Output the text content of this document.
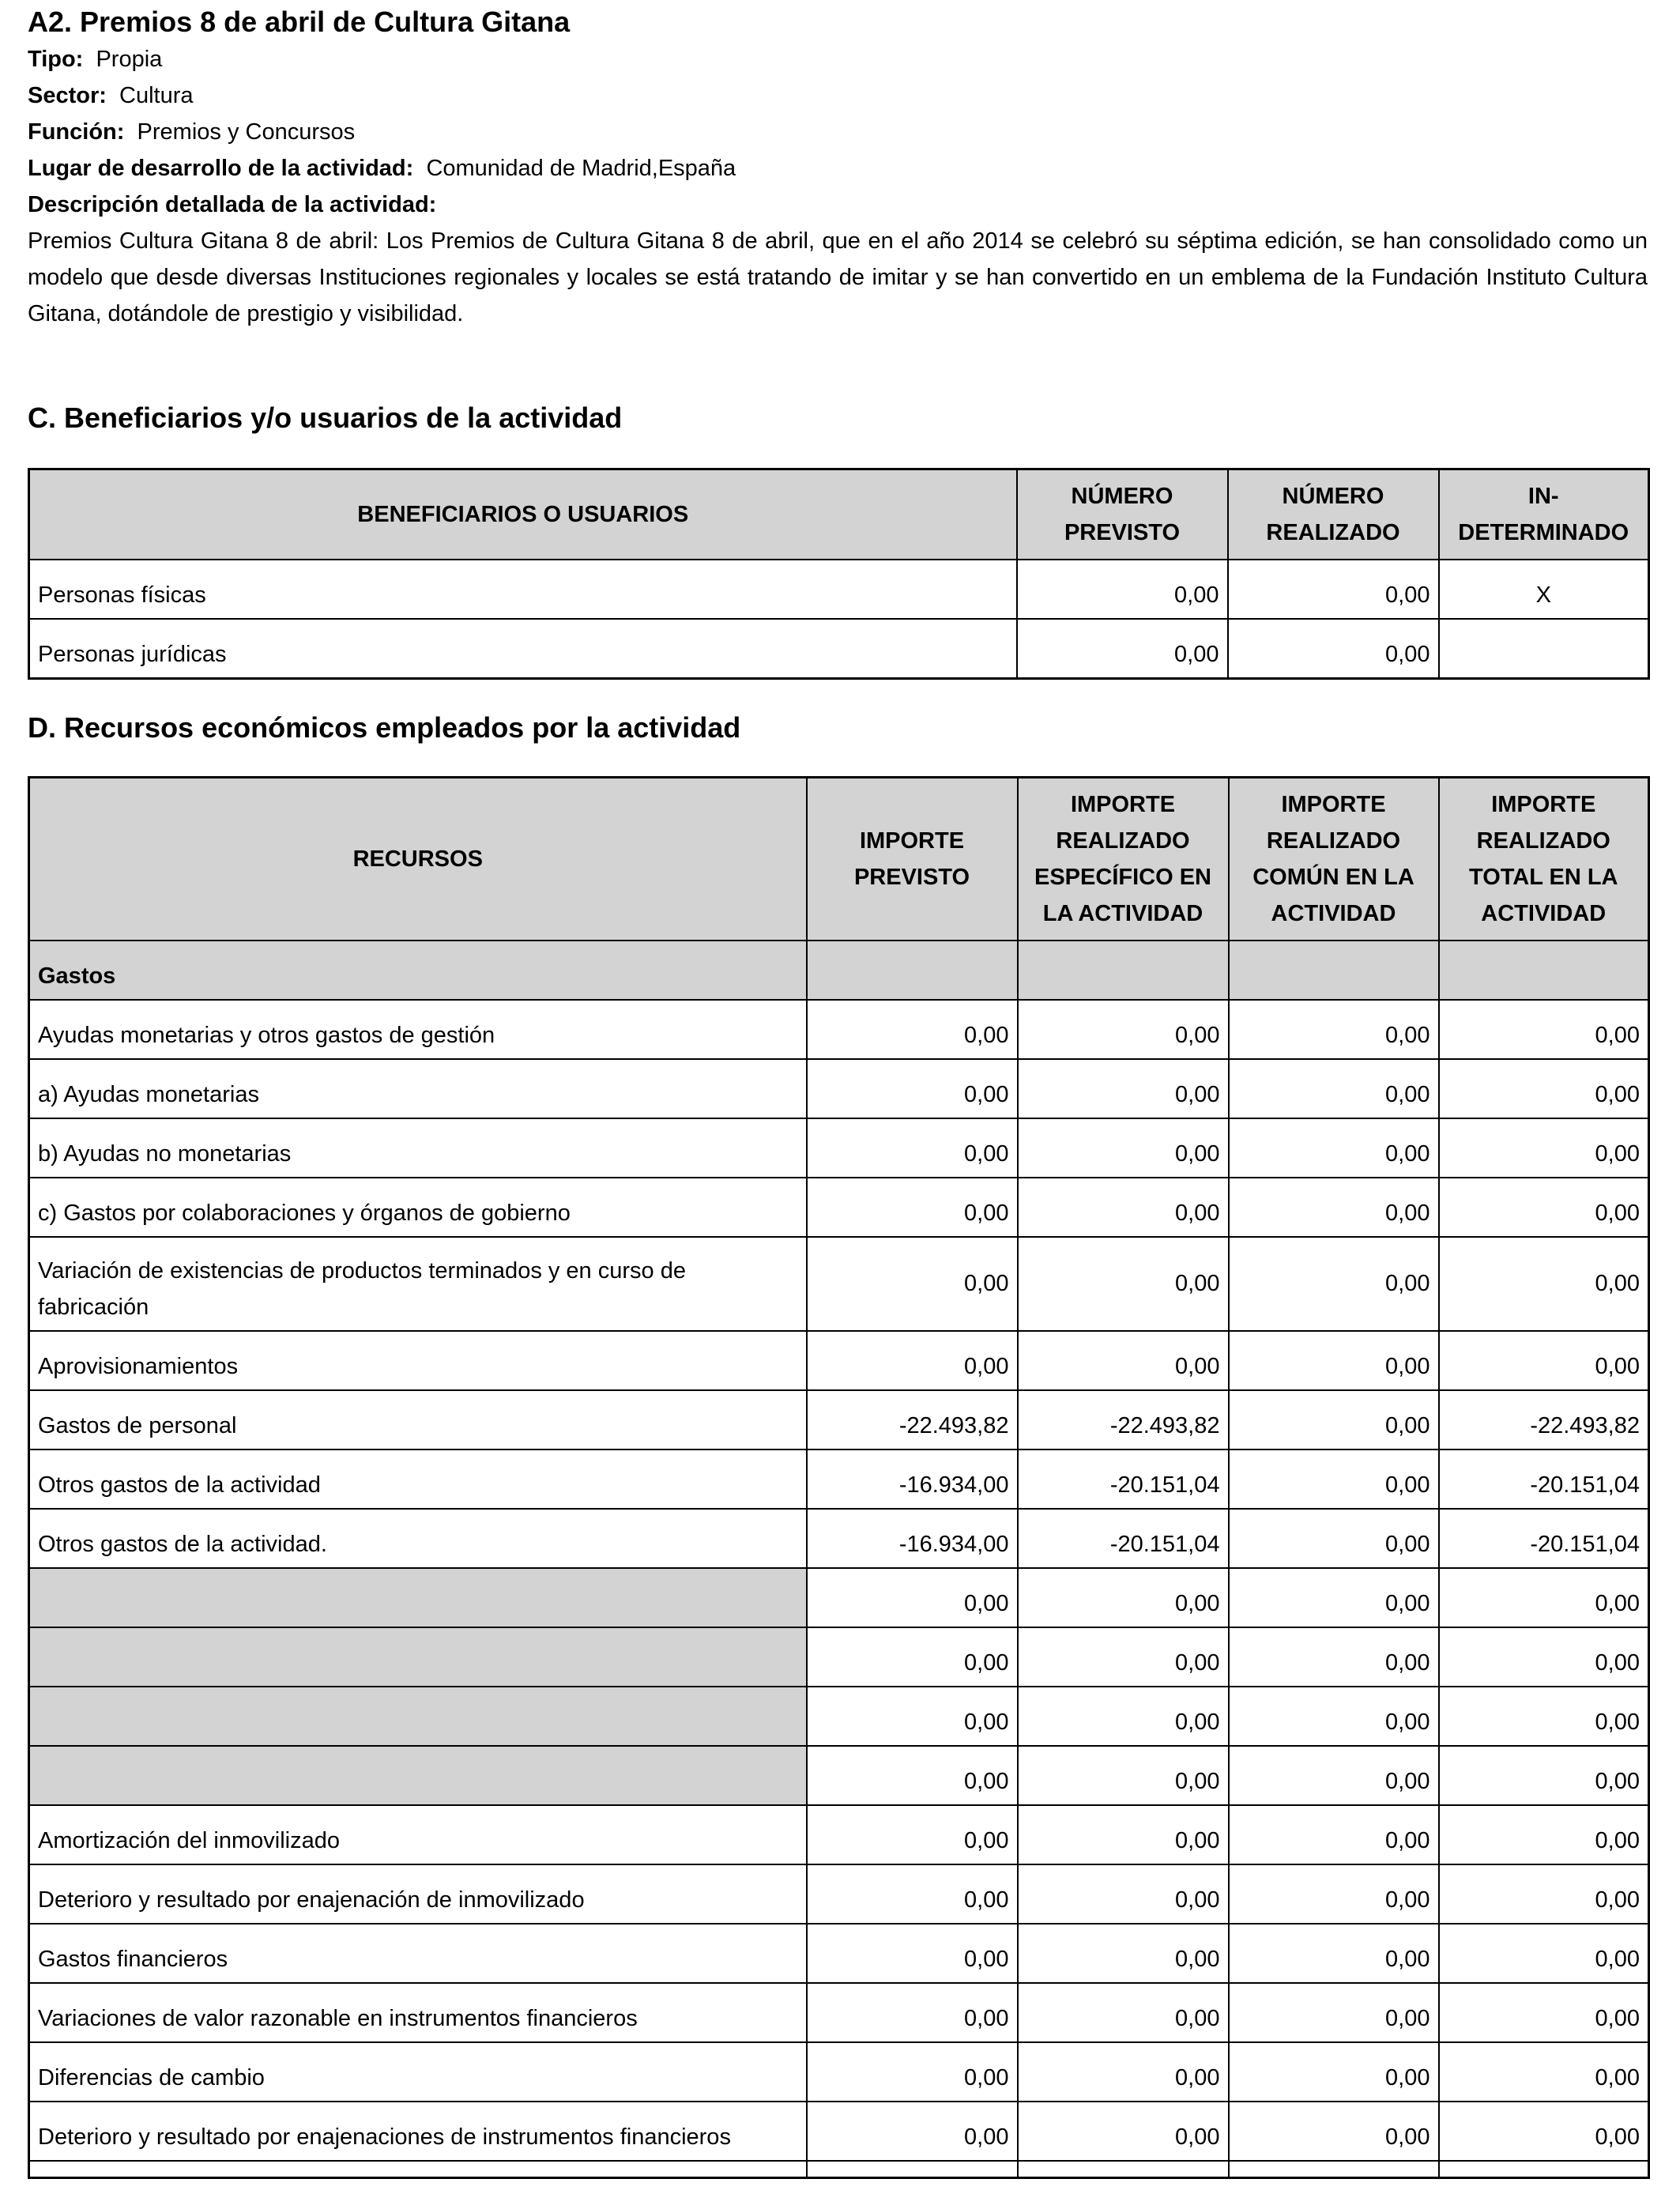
A2. Premios 8 de abril de Cultura Gitana
Tipo: Propia
Sector: Cultura
Función: Premios y Concursos
Lugar de desarrollo de la actividad: Comunidad de Madrid,España
Descripción detallada de la actividad:
Premios Cultura Gitana 8 de abril: Los Premios de Cultura Gitana 8 de abril, que en el año 2014 se celebró su séptima edición, se han consolidado como un modelo que desde diversas Instituciones regionales y locales se está tratando de imitar y se han convertido en un emblema de la Fundación Instituto Cultura Gitana, dotándole de prestigio y visibilidad.
C. Beneficiarios y/o usuarios de la actividad
BENEFICIARIOS O USUARIOS	NÚMERO PREVISTO	NÚMERO REALIZADO	IN-DETERMINADO
Personas físicas	0,00	0,00	X
Personas jurídicas	0,00	0,00	
D. Recursos económicos empleados por la actividad
RECURSOS	IMPORTE PREVISTO	IMPORTE REALIZADO ESPECÍFICO EN LA ACTIVIDAD	IMPORTE REALIZADO COMÚN EN LA ACTIVIDAD	IMPORTE REALIZADO TOTAL EN LA ACTIVIDAD
Gastos				
Ayudas monetarias y otros gastos de gestión	0,00	0,00	0,00	0,00
a) Ayudas monetarias	0,00	0,00	0,00	0,00
b) Ayudas no monetarias	0,00	0,00	0,00	0,00
c) Gastos por colaboraciones y órganos de gobierno	0,00	0,00	0,00	0,00
Variación de existencias de productos terminados y en curso de fabricación	0,00	0,00	0,00	0,00
Aprovisionamientos	0,00	0,00	0,00	0,00
Gastos de personal	-22.493,82	-22.493,82	0,00	-22.493,82
Otros gastos de la actividad	-16.934,00	-20.151,04	0,00	-20.151,04
Otros gastos de la actividad.	-16.934,00	-20.151,04	0,00	-20.151,04
	0,00	0,00	0,00	0,00
	0,00	0,00	0,00	0,00
	0,00	0,00	0,00	0,00
	0,00	0,00	0,00	0,00
Amortización del inmovilizado	0,00	0,00	0,00	0,00
Deterioro y resultado por enajenación de inmovilizado	0,00	0,00	0,00	0,00
Gastos financieros	0,00	0,00	0,00	0,00
Variaciones de valor razonable en instrumentos financieros	0,00	0,00	0,00	0,00
Diferencias de cambio	0,00	0,00	0,00	0,00
Deterioro y resultado por enajenaciones de instrumentos financieros	0,00	0,00	0,00	0,00
